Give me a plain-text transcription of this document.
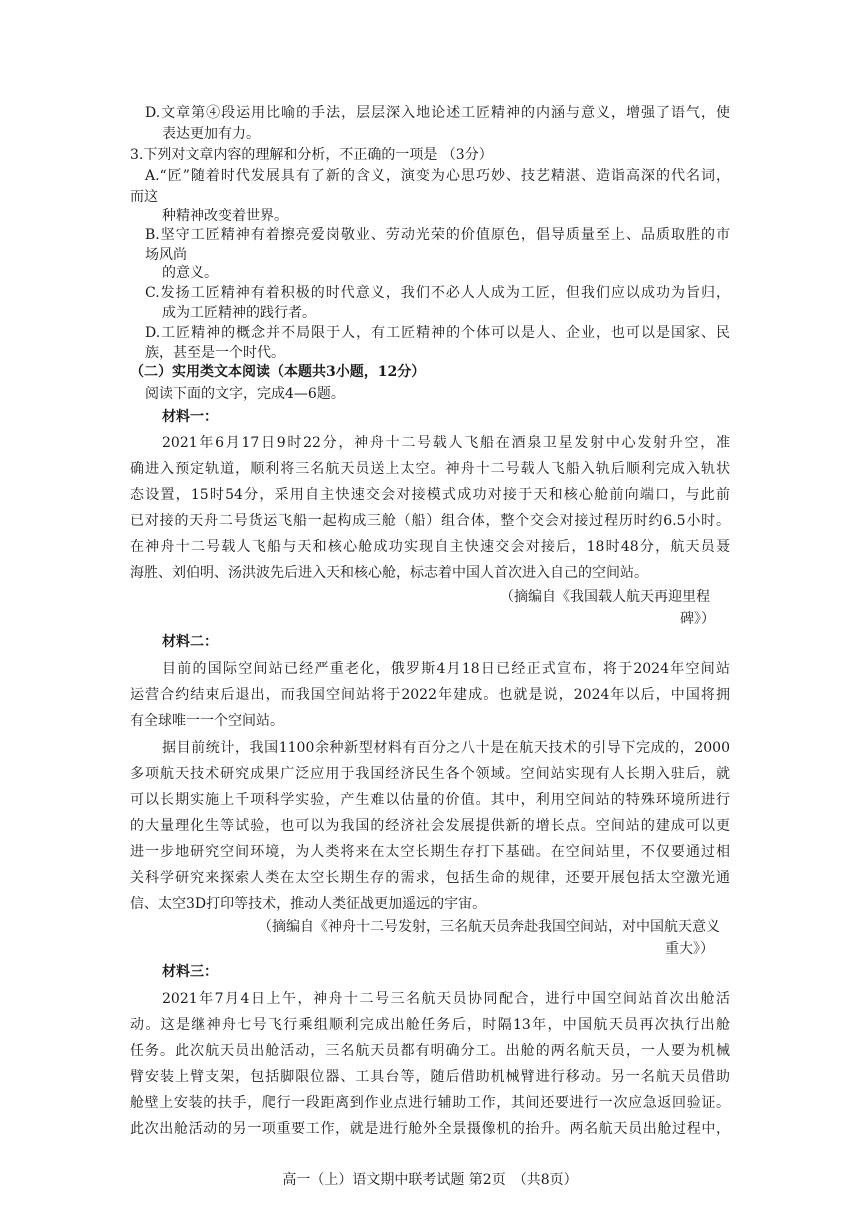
D.文章第④段运用比喻的手法，层层深入地论述工匠精神的内涵与意义，增强了语气，使
表达更加有力。
3.下列对文章内容的理解和分析，不正确的一项是 （3分）
A.“匠”随着时代发展具有了新的含义，演变为心思巧妙、技艺精湛、造诣高深的代名词，
而这
种精神改变着世界。
B.坚守工匠精神有着擦亮爱岗敬业、劳动光荣的价值原色，倡导质量至上、品质取胜的市
场风尚
的意义。
C.发扬工匠精神有着积极的时代意义，我们不必人人成为工匠，但我们应以成功为旨归，
成为工匠精神的践行者。
D.工匠精神的概念并不局限于人，有工匠精神的个体可以是人、企业，也可以是国家、民
族，甚至是一个时代。
（二）实用类文本阅读（本题共3小题，12分）
阅读下面的文字，完成4—6题。
材料一：
2021年6月17日9时22分，神舟十二号载人飞船在酒泉卫星发射中心发射升空，准
确进入预定轨道，顺利将三名航天员送上太空。神舟十二号载人飞船入轨后顺利完成入轨状
态设置，15时54分，采用自主快速交会对接模式成功对接于天和核心舱前向端口，与此前
已对接的天舟二号货运飞船一起构成三舱（船）组合体，整个交会对接过程历时约6.5小时。
在神舟十二号载人飞船与天和核心舱成功实现自主快速交会对接后，18时48分，航天员聂
海胜、刘伯明、汤洪波先后进入天和核心舱，标志着中国人首次进入自己的空间站。
（摘编自《我国载人航天再迎里程
碑》）
材料二：
目前的国际空间站已经严重老化，俄罗斯4月18日已经正式宣布，将于2024年空间站
运营合约结束后退出，而我国空间站将于2022年建成。也就是说，2024年以后，中国将拥
有全球唯一一个空间站。
据目前统计，我国1100余种新型材料有百分之八十是在航天技术的引导下完成的，2000
多项航天技术研究成果广泛应用于我国经济民生各个领域。空间站实现有人长期入驻后，就
可以长期实施上千项科学实验，产生难以估量的价值。其中，利用空间站的特殊环境所进行
的大量理化生等试验，也可以为我国的经济社会发展提供新的增长点。空间站的建成可以更
进一步地研究空间环境，为人类将来在太空长期生存打下基础。在空间站里，不仅要通过相
关科学研究来探索人类在太空长期生存的需求，包括生命的规律，还要开展包括太空激光通
信、太空3D打印等技术，推动人类征战更加遥远的宇宙。
（摘编自《神舟十二号发射，三名航天员奔赴我国空间站，对中国航天意义
重大》）
材料三：
2021年7月4日上午，神舟十二号三名航天员协同配合，进行中国空间站首次出舱活
动。这是继神舟七号飞行乘组顺利完成出舱任务后，时隔13年，中国航天员再次执行出舱
任务。此次航天员出舱活动，三名航天员都有明确分工。出舱的两名航天员，一人要为机械
臂安装上臂支架，包括脚限位器、工具台等，随后借助机械臂进行移动。另一名航天员借助
舱壁上安装的扶手，爬行一段距离到作业点进行辅助工作，其间还要进行一次应急返回验证。
此次出舱活动的另一项重要工作，就是进行舱外全景摄像机的抬升。两名航天员出舱过程中，
高一（上）语文期中联考试题 第2页　（共8页）
